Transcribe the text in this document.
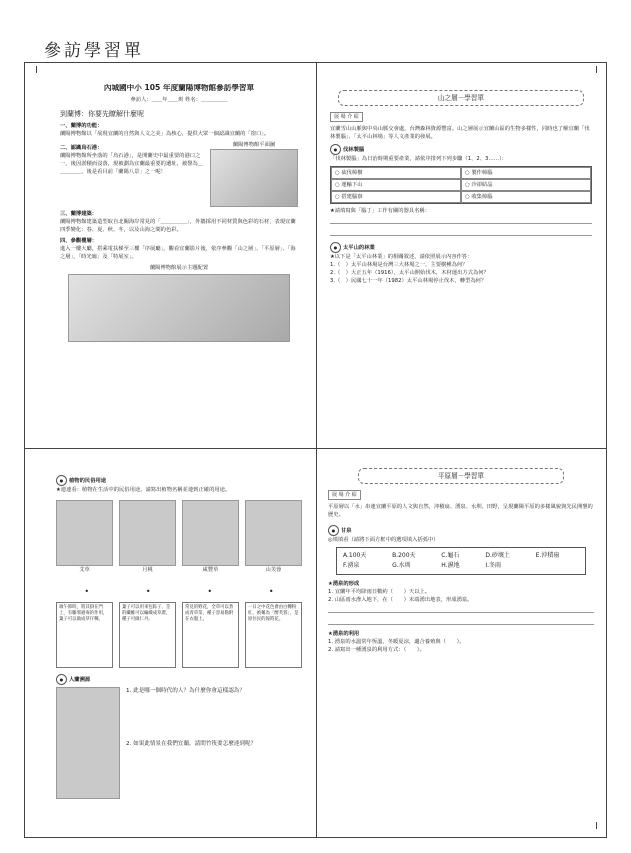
參訪學習單
內城國中小 105 年度蘭陽博物館參訪學習單
參訪人：＿＿年＿＿班 姓名：＿＿＿＿＿
到蘭博：你要先瞭解什麼呢
一、蘭博的功能：
蘭陽博物館以「展現宜蘭的自然與人文之美」為核心，提供大眾一個認識宜蘭的「窗口」。
二、認識烏石港：
蘭陽博物館所坐落的「烏石港」，是開蘭史中最重要的港口之一，後因淤積而沒落，現被劃為宜蘭最重要的遺址，被譽為＿＿＿＿＿，後是看目前「蘭陽八景」之一呢！
蘭陽博物館平面圖
三、蘭博建築：
蘭陽博物館建築造型取自北關海岸常見的「＿＿＿＿＿」，外牆採用不同材質與色彩的石材，表現宜蘭四季變化：春、夏、秋、冬，以及山海之間的色彩。
四、參觀樓層：
進入一樓大廳，搭乘電扶梯至三樓「序展廳」，觀看宜蘭影片後，依序參觀「山之層」、「平原層」、「海之層」，「時光廊」及「特展室」。
蘭陽博物館展示主題配置
山之層－學習單
展 場 介 紹
宜蘭雪山山脈與中央山脈交會處，台灣森林資源豐富。山之層展示宜蘭山區的生物多樣性，同時也了解宜蘭「伐林製腦」、「太平山林場」等人文產業的發展。
● 伐林製腦
「伐林製腦」為日治時期重要產業，請依序排列下列步驟（1、2、3……）：
○ 砍伐樟樹	○ 製作樟腦
○ 運輸下山	○ 冷卻結晶
○ 搭建腦寮	○ 收集樟腦
★請填寫與「腦丁」工作有關的器具名稱：
● 太平山的林業
★以下是「太平山林業」的相關敘述，請依照展示內容作答：
1.（　）太平山林場是台灣三大林場之一，主要樹種為何？
2.（　）大正五年（1916），太平山開始伐木，木材運出方式為何？
3.（　）民國七十一年（1982）太平山林場停止伐木，轉型為何？
● 植物的民俗用途
★連連看：植物在生活中的民俗用途，請寫出植物名稱並連到正確的用途。
艾草	月桃	咸豐草	山芙蓉
•	•	•	•
端午節時，將其掛在門上，有驅邪避毒的作用，葉子可以做成草仔粿。
葉子可以用來包粽子，莖的纖維可以編織成草蓆，種子可做仁丹。
常見的野花，全草可以煮成青草茶，種子容易黏附在衣服上。
一日之中花色會由白轉粉紅，被稱為「醉芙蓉」，是原住民的報時花。
● 人蘭溯源
1. 此是哪一個時代的人？為什麼你會這樣認為？
2. 如果此情景在我們宜蘭，請問竹筏要怎麼達到呢？
平原層－學習單
展 場 介 紹
平原層以「水」串連宜蘭平原的人文與自然，沖積扇、湧泉、水圳、田野，呈現蘭陽平原的多樣風貌與先民開墾的歷史。
● 甘泉
◎填填看（請將下面方框中的選項填入括弧中）
A.100天	B.200天	C.龜石	D.砂壤土	E.沖積扇
F.湧泉	G.水圳	H.濕地	I.冬雨
★湧泉的形成
1. 宜蘭年平均降雨日數約（　　）天以上。
2. 山區雨水滲入地下，在（　　）末端湧出地表，形成湧泉。
★湧泉的利用
1. 湧泉的水溫常年恆溫，冬暖夏涼，適合養殖與（　　）。
2. 請寫出一種湧泉的利用方式：（　　）。
